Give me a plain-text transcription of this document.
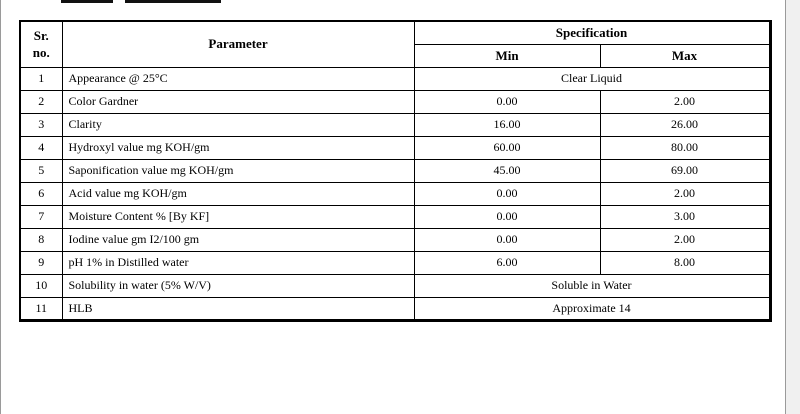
Sr. no.	Parameter	Specification	
		Min	Max
1	Appearance @ 25°C	Clear Liquid	
2	Color Gardner	0.00	2.00
3	Clarity	16.00	26.00
4	Hydroxyl value mg KOH/gm	60.00	80.00
5	Saponification value mg KOH/gm	45.00	69.00
6	Acid value mg KOH/gm	0.00	2.00
7	Moisture Content % [By KF]	0.00	3.00
8	Iodine value gm I2/100 gm	0.00	2.00
9	pH 1% in Distilled water	6.00	8.00
10	Solubility in water (5% W/V)	Soluble in Water	
11	HLB	Approximate 14	
